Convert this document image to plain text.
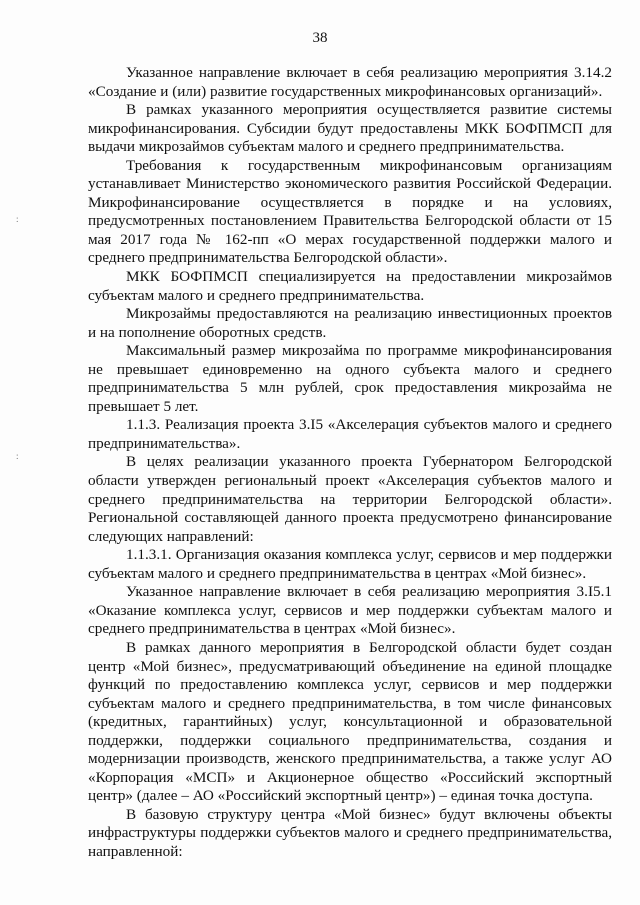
38
:
:

Указанное направление включает в себя реализацию мероприятия 3.14.2 «Создание и (или) развитие государственных микрофинансовых организаций».

В рамках указанного мероприятия осуществляется развитие системы микрофинансирования. Субсидии будут предоставлены МКК БОФПМСП для выдачи микрозаймов субъектам малого и среднего предпринимательства.

Требования к государственным микрофинансовым организациям устанавливает Министерство экономического развития Российской Федерации. Микрофинансирование осуществляется в порядке и на условиях, предусмотренных постановлением Правительства Белгородской области от 15 мая 2017 года № 162-пп «О мерах государственной поддержки малого и среднего предпринимательства Белгородской области».

МКК БОФПМСП специализируется на предоставлении микрозаймов субъектам малого и среднего предпринимательства.

Микрозаймы предоставляются на реализацию инвестиционных проектов и на пополнение оборотных средств.

Максимальный размер микрозайма по программе микрофинансирования не превышает единовременно на одного субъекта малого и среднего предпринимательства 5 млн рублей, срок предоставления микрозайма не превышает 5 лет.

1.1.3. Реализация проекта 3.I5 «Акселерация субъектов малого и среднего предпринимательства».

В целях реализации указанного проекта Губернатором Белгородской области утвержден региональный проект «Акселерация субъектов малого и среднего предпринимательства на территории Белгородской области». Региональной составляющей данного проекта предусмотрено финансирование следующих направлений:

1.1.3.1. Организация оказания комплекса услуг, сервисов и мер поддержки субъектам малого и среднего предпринимательства в центрах «Мой бизнес».

Указанное направление включает в себя реализацию мероприятия 3.I5.1 «Оказание комплекса услуг, сервисов и мер поддержки субъектам малого и среднего предпринимательства в центрах «Мой бизнес».

В рамках данного мероприятия в Белгородской области будет создан центр «Мой бизнес», предусматривающий объединение на единой площадке функций по предоставлению комплекса услуг, сервисов и мер поддержки субъектам малого и среднего предпринимательства, в том числе финансовых (кредитных, гарантийных) услуг, консультационной и образовательной поддержки, поддержки социального предпринимательства, создания и модернизации производств, женского предпринимательства, а также услуг АО «Корпорация «МСП» и Акционерное общество «Российский экспортный центр» (далее – АО «Российский экспортный центр») – единая точка доступа.

В базовую структуру центра «Мой бизнес» будут включены объекты инфраструктуры поддержки субъектов малого и среднего предпринимательства, направленной:
